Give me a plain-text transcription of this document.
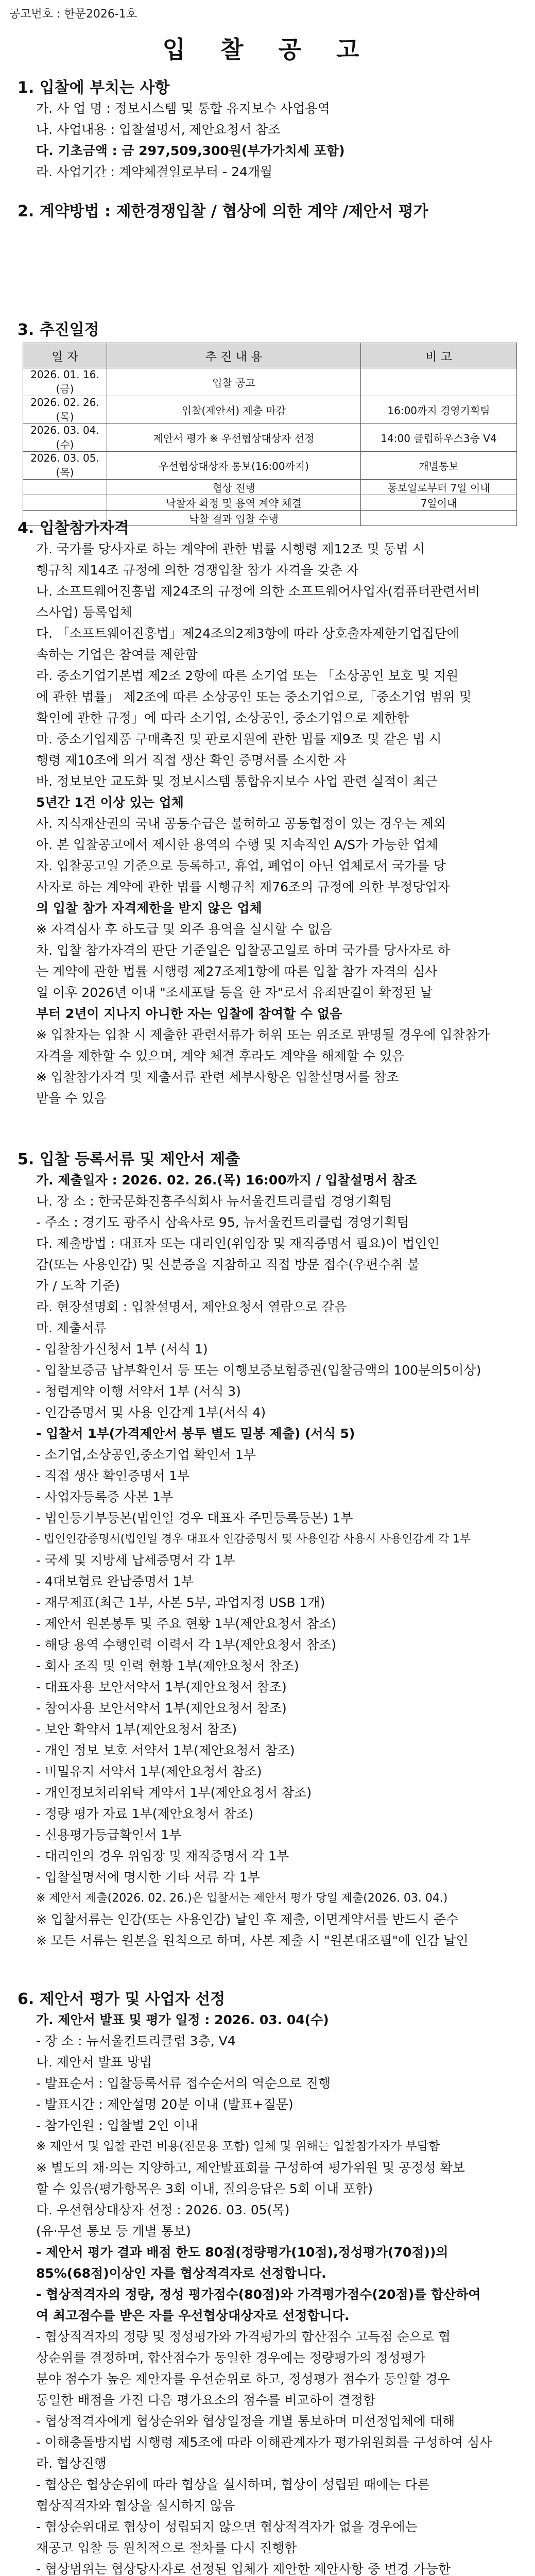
공고번호 : 한문2026-1호
입 찰 공 고
1. 입찰에 부치는 사항
가. 사 업 명 : 정보시스템 및 통합 유지보수 사업용역
나. 사업내용 : 입찰설명서, 제안요청서 참조
다. 기초금액 : 금 297,509,300원(부가가치세 포함)
라. 사업기간 : 계약체결일로부터 - 24개월
2. 계약방법 : 제한경쟁입찰 / 협상에 의한 계약 /제안서 평가
3. 추진일정
일 자	추 진 내 용	비 고
2026. 01. 16.(금)	입찰 공고	
2026. 02. 26.(목)	입찰(제안서) 제출 마감	16:00까지 경영기획팀
2026. 03. 04.(수)	제안서 평가 ※ 우선협상대상자 선정	14:00 클럽하우스3층 V4
2026. 03. 05.(목)	우선협상대상자 통보(16:00까지)	개별통보
	협상 진행	통보일로부터 7일 이내
	낙찰자 확정 및 용역 계약 체결	7일이내
	낙찰 결과 입찰 수행	
4. 입찰참가자격
가. 국가를 당사자로 하는 계약에 관한 법률 시행령 제12조 및 동법 시
행규칙 제14조 규정에 의한 경쟁입찰 참가 자격을 갖춘 자
나. 소프트웨어진흥법 제24조의 규정에 의한 소프트웨어사업자(컴퓨터관련서비
스사업) 등록업체
다. 「소프트웨어진흥법」제24조의2제3항에 따라 상호출자제한기업집단에
속하는 기업은 참여를 제한함
라. 중소기업기본법 제2조 2항에 따른 소기업 또는 「소상공인 보호 및 지원
에 관한 법률」 제2조에 따른 소상공인 또는 중소기업으로,「중소기업 범위 및
확인에 관한 규정」에 따라 소기업, 소상공인, 중소기업으로 제한함
마. 중소기업제품 구매촉진 및 판로지원에 관한 법률 제9조 및 같은 법 시
행령 제10조에 의거 직접 생산 확인 증명서를 소지한 자
바. 정보보안 교도화 및 정보시스템 통합유지보수 사업 관련 실적이 최근
5년간 1건 이상 있는 업체
사. 지식재산권의 국내 공동수급은 불허하고 공동협정이 있는 경우는 제외
아. 본 입찰공고에서 제시한 용역의 수행 및 지속적인 A/S가 가능한 업체
자. 입찰공고일 기준으로 등록하고, 휴업, 폐업이 아닌 업체로서 국가를 당
사자로 하는 계약에 관한 법률 시행규칙 제76조의 규정에 의한 부정당업자
의 입찰 참가 자격제한을 받지 않은 업체
※ 자격심사 후 하도급 및 외주 용역을 실시할 수 없음
차. 입찰 참가자격의 판단 기준일은 입찰공고일로 하며 국가를 당사자로 하
는 계약에 관한 법률 시행령 제27조제1항에 따른 입찰 참가 자격의 심사
일 이후 2026년 이내 "조세포탈 등을 한 자"로서 유죄판결이 확정된 날
부터 2년이 지나지 아니한 자는 입찰에 참여할 수 없음
※ 입찰자는 입찰 시 제출한 관련서류가 허위 또는 위조로 판명될 경우에 입찰참가
자격을 제한할 수 있으며, 계약 체결 후라도 계약을 해제할 수 있음
※ 입찰참가자격 및 제출서류 관련 세부사항은 입찰설명서를 참조
받을 수 있음
5. 입찰 등록서류 및 제안서 제출
가. 제출일자 : 2026. 02. 26.(목) 16:00까지 / 입찰설명서 참조
나. 장 소 : 한국문화진흥주식회사 뉴서울컨트리클럽 경영기획팀
- 주소 : 경기도 광주시 삼육사로 95, 뉴서울컨트리클럽 경영기획팀
다. 제출방법 : 대표자 또는 대리인(위임장 및 재직증명서 필요)이 법인인
감(또는 사용인감) 및 신분증을 지참하고 직접 방문 접수(우편수취 불
가 / 도착 기준)
라. 현장설명회 : 입찰설명서, 제안요청서 열람으로 갈음
마. 제출서류
- 입찰참가신청서 1부 (서식 1)
- 입찰보증금 납부확인서 등 또는 이행보증보험증권(입찰금액의 100분의5이상)
- 청렴계약 이행 서약서 1부 (서식 3)
- 인감증명서 및 사용 인감계 1부(서식 4)
- 입찰서 1부(가격제안서 봉투 별도 밀봉 제출) (서식 5)
- 소기업,소상공인,중소기업 확인서 1부
- 직접 생산 확인증명서 1부
- 사업자등록증 사본 1부
- 법인등기부등본(법인일 경우 대표자 주민등록등본) 1부
- 법인인감증명서(법인일 경우 대표자 인감증명서 및 사용인감 사용시 사용인감계 각 1부
- 국세 및 지방세 납세증명서 각 1부
- 4대보험료 완납증명서 1부
- 재무제표(최근 1부, 사본 5부, 과업지정 USB 1개)
- 제안서 원본봉투 및 주요 현황 1부(제안요청서 참조)
- 해당 용역 수행인력 이력서 각 1부(제안요청서 참조)
- 회사 조직 및 인력 현황 1부(제안요청서 참조)
- 대표자용 보안서약서 1부(제안요청서 참조)
- 참여자용 보안서약서 1부(제안요청서 참조)
- 보안 확약서 1부(제안요청서 참조)
- 개인 정보 보호 서약서 1부(제안요청서 참조)
- 비밀유지 서약서 1부(제안요청서 참조)
- 개인정보처리위탁 계약서 1부(제안요청서 참조)
- 정량 평가 자료 1부(제안요청서 참조)
- 신용평가등급확인서 1부
- 대리인의 경우 위임장 및 재직증명서 각 1부
- 입찰설명서에 명시한 기타 서류 각 1부
※ 제안서 제출(2026. 02. 26.)은 입찰서는 제안서 평가 당일 제출(2026. 03. 04.)
※ 입찰서류는 인감(또는 사용인감) 날인 후 제출, 이면계약서를 반드시 준수
※ 모든 서류는 원본을 원칙으로 하며, 사본 제출 시 "원본대조필"에 인감 날인
6. 제안서 평가 및 사업자 선정
가. 제안서 발표 및 평가 일정 : 2026. 03. 04(수)
- 장 소 : 뉴서울컨트리클럽 3층, V4
나. 제안서 발표 방법
- 발표순서 : 입찰등록서류 접수순서의 역순으로 진행
- 발표시간 : 제안설명 20분 이내 (발표+질문)
- 참가인원 : 입찰별 2인 이내
※ 제안서 및 입찰 관련 비용(전문용 포함) 일체 및 위해는 입찰참가자가 부담함
※ 별도의 채·의는 지양하고, 제안발표회를 구성하여 평가위원 및 공정성 확보
할 수 있음(평가항목은 3회 이내, 질의응답은 5회 이내 포함)
다. 우선협상대상자 선정 : 2026. 03. 05(목)
(유·무선 통보 등 개별 통보)
- 제안서 평가 결과 배점 한도 80점(정량평가(10점),정성평가(70점))의
85%(68점)이상인 자를 협상적격자로 선정합니다.
- 협상적격자의 정량, 정성 평가점수(80점)와 가격평가점수(20점)를 합산하여
여 최고점수를 받은 자를 우선협상대상자로 선정합니다.
- 협상적격자의 정량 및 정성평가와 가격평가의 합산점수 고득점 순으로 협
상순위를 결정하며, 합산점수가 동일한 경우에는 정량평가의 정성평가
분야 점수가 높은 제안자를 우선순위로 하고, 정성평가 점수가 동일할 경우
동일한 배점을 가진 다음 평가요소의 점수를 비교하여 결정함
- 협상적격자에게 협상순위와 협상일정을 개별 통보하며 미선정업체에 대해
- 이해충돌방지법 시행령 제5조에 따라 이해관계자가 평가위원회를 구성하여 심사
라. 협상진행
- 협상은 협상순위에 따라 협상을 실시하며, 협상이 성립된 때에는 다른
협상적격자와 협상을 실시하지 않음
- 협상순위대로 협상이 성립되지 않으면 협상적격자가 없을 경우에는
재공고 입찰 등 원칙적으로 절차를 다시 진행함
- 협상범위는 협상당사자로 선정된 업체가 제안한 제안사항 중 변경 가능한
